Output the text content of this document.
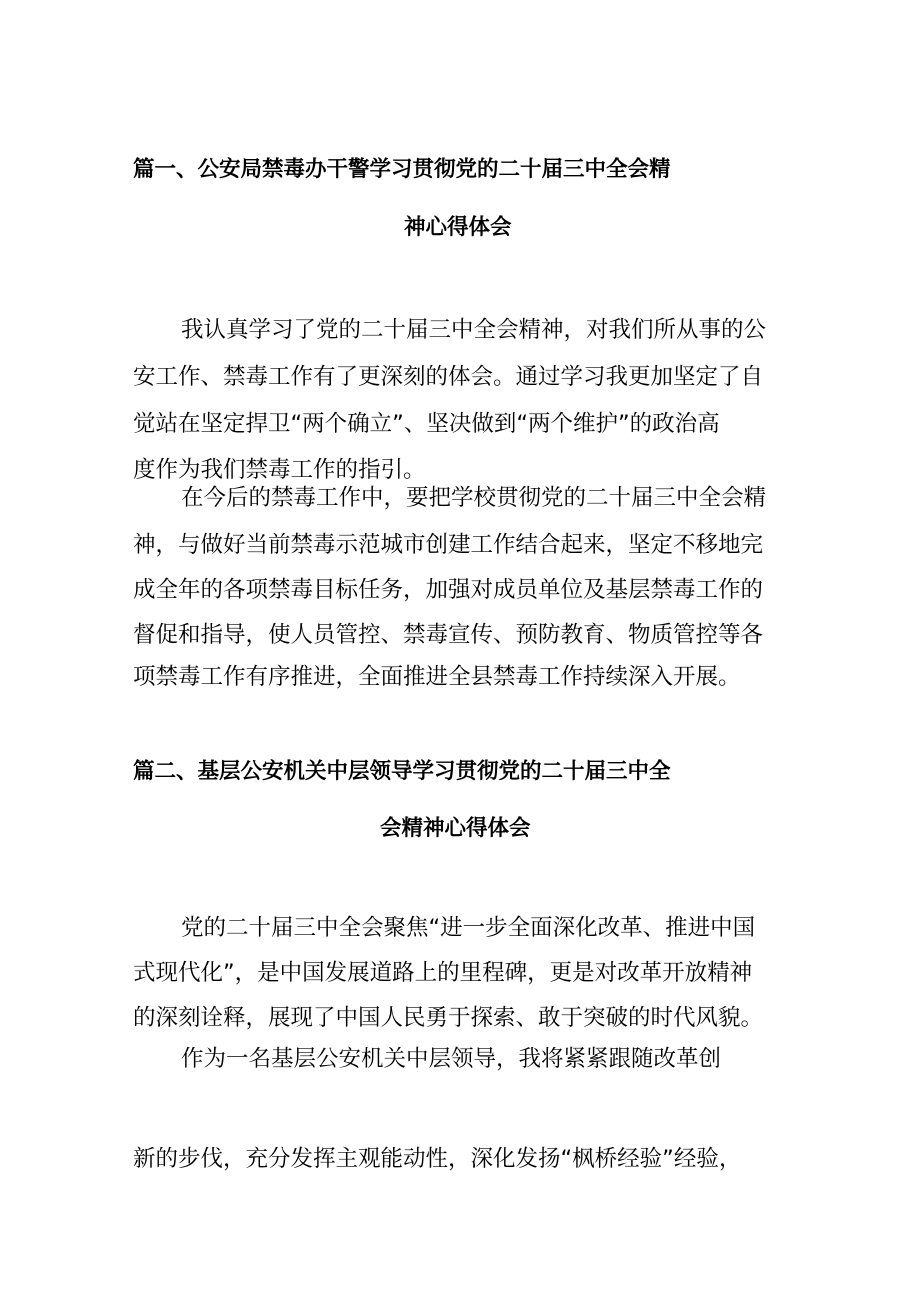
篇一、公安局禁毒办干警学习贯彻党的二十届三中全会精
神心得体会
我认真学习了党的二十届三中全会精神，对我们所从事的公
安工作、禁毒工作有了更深刻的体会。通过学习我更加坚定了自
觉站在坚定捍卫“两个确立”、坚决做到“两个维护”的政治高
度作为我们禁毒工作的指引。
在今后的禁毒工作中，要把学校贯彻党的二十届三中全会精
神，与做好当前禁毒示范城市创建工作结合起来，坚定不移地完
成全年的各项禁毒目标任务，加强对成员单位及基层禁毒工作的
督促和指导，使人员管控、禁毒宣传、预防教育、物质管控等各
项禁毒工作有序推进，全面推进全县禁毒工作持续深入开展。
篇二、基层公安机关中层领导学习贯彻党的二十届三中全
会精神心得体会
党的二十届三中全会聚焦“进一步全面深化改革、推进中国
式现代化”，是中国发展道路上的里程碑，更是对改革开放精神
的深刻诠释，展现了中国人民勇于探索、敢于突破的时代风貌。
作为一名基层公安机关中层领导，我将紧紧跟随改革创
新的步伐，充分发挥主观能动性，深化发扬“枫桥经验”经验，
